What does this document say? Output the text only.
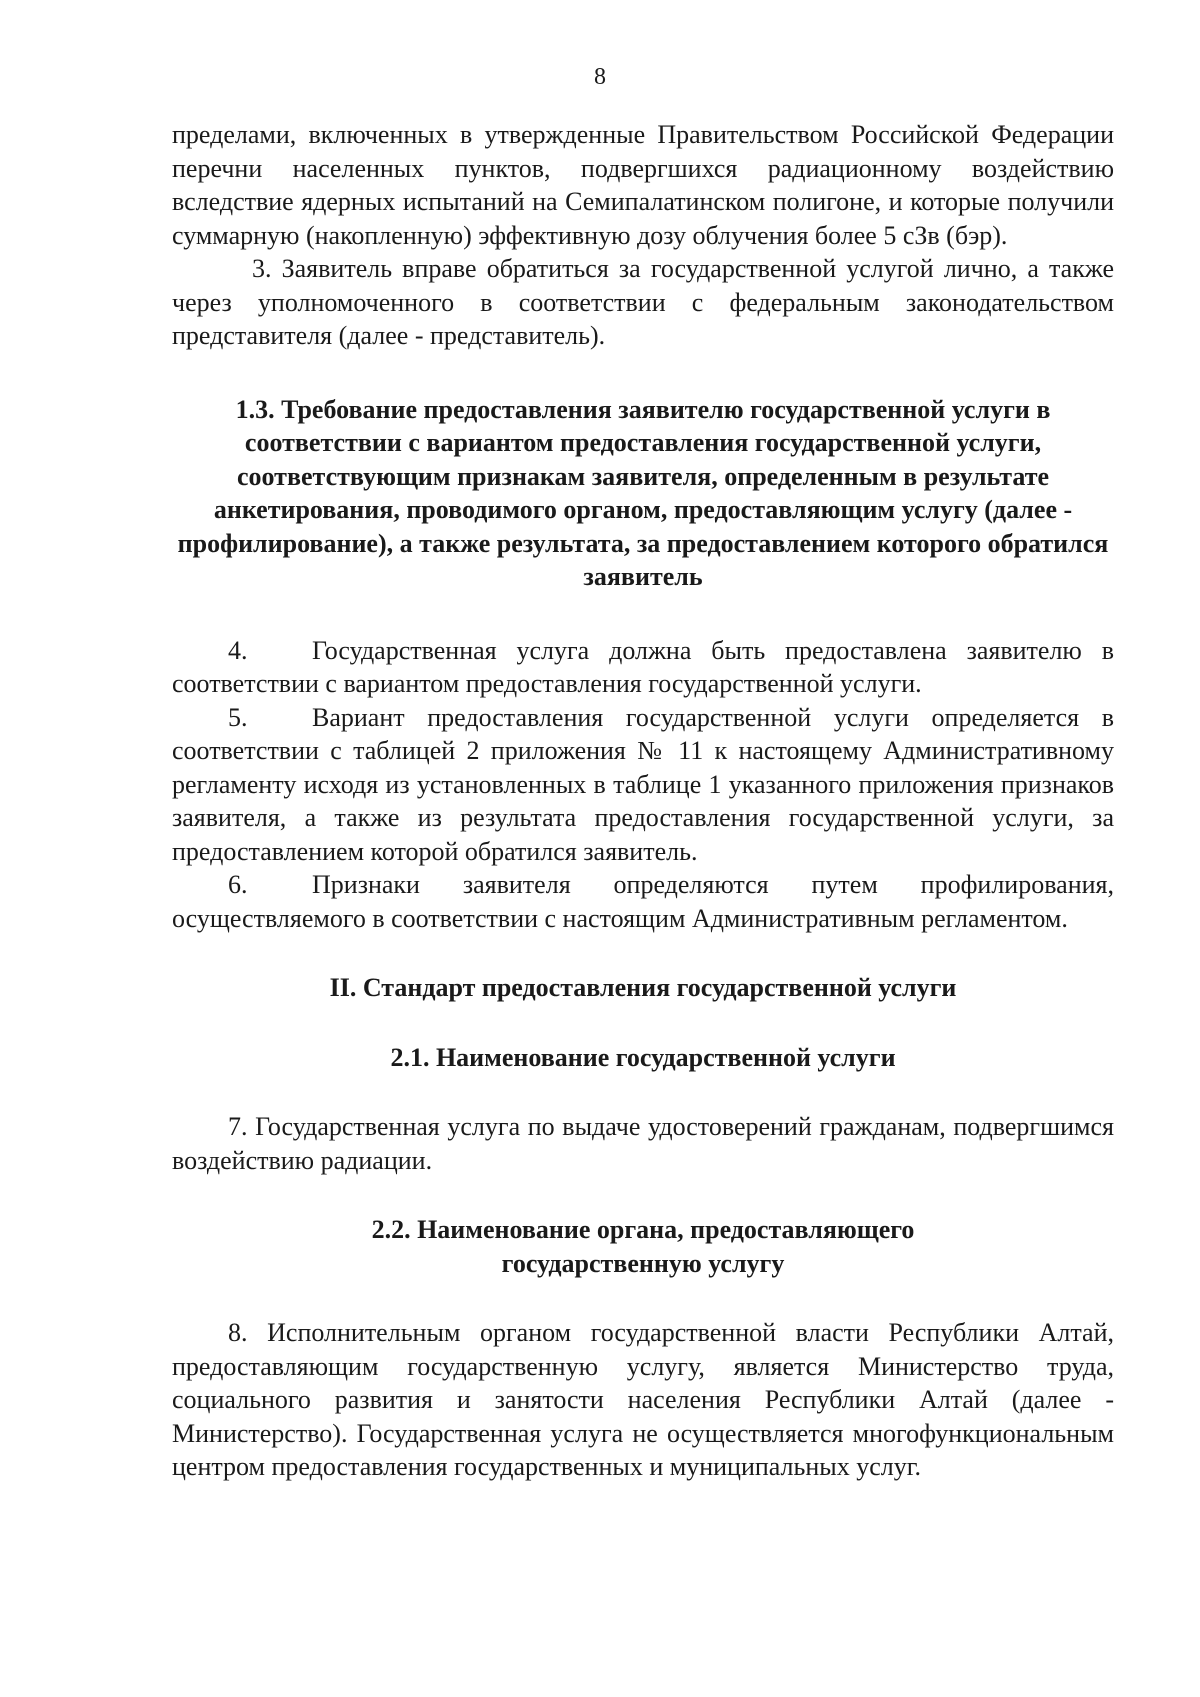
8

пределами, включенных в утвержденные Правительством Российской Федерации перечни населенных пунктов, подвергшихся радиационному воздействию вследствие ядерных испытаний на Семипалатинском полигоне, и которые получили суммарную (накопленную) эффективную дозу облучения более 5 сЗв (бэр).

3. Заявитель вправе обратиться за государственной услугой лично, а также через уполномоченного в соответствии с федеральным законодательством представителя (далее - представитель).

1.3. Требование предоставления заявителю государственной услуги в соответствии с вариантом предоставления государственной услуги, соответствующим признакам заявителя, определенным в результате анкетирования, проводимого органом, предоставляющим услугу (далее - профилирование), а также результата, за предоставлением которого обратился заявитель

4. Государственная услуга должна быть предоставлена заявителю в соответствии с вариантом предоставления государственной услуги.

5. Вариант предоставления государственной услуги определяется в соответствии с таблицей 2 приложения № 11 к настоящему Административному регламенту исходя из установленных в таблице 1 указанного приложения признаков заявителя, а также из результата предоставления государственной услуги, за предоставлением которой обратился заявитель.

6. Признаки заявителя определяются путем профилирования, осуществляемого в соответствии с настоящим Административным регламентом.

II. Стандарт предоставления государственной услуги

2.1. Наименование государственной услуги

7. Государственная услуга по выдаче удостоверений гражданам, подвергшимся воздействию радиации.

2.2. Наименование органа, предоставляющего

государственную услугу

8. Исполнительным органом государственной власти Республики Алтай, предоставляющим государственную услугу, является Министерство труда, социального развития и занятости населения Республики Алтай (далее - Министерство). Государственная услуга не осуществляется многофункциональным центром предоставления государственных и муниципальных услуг.
